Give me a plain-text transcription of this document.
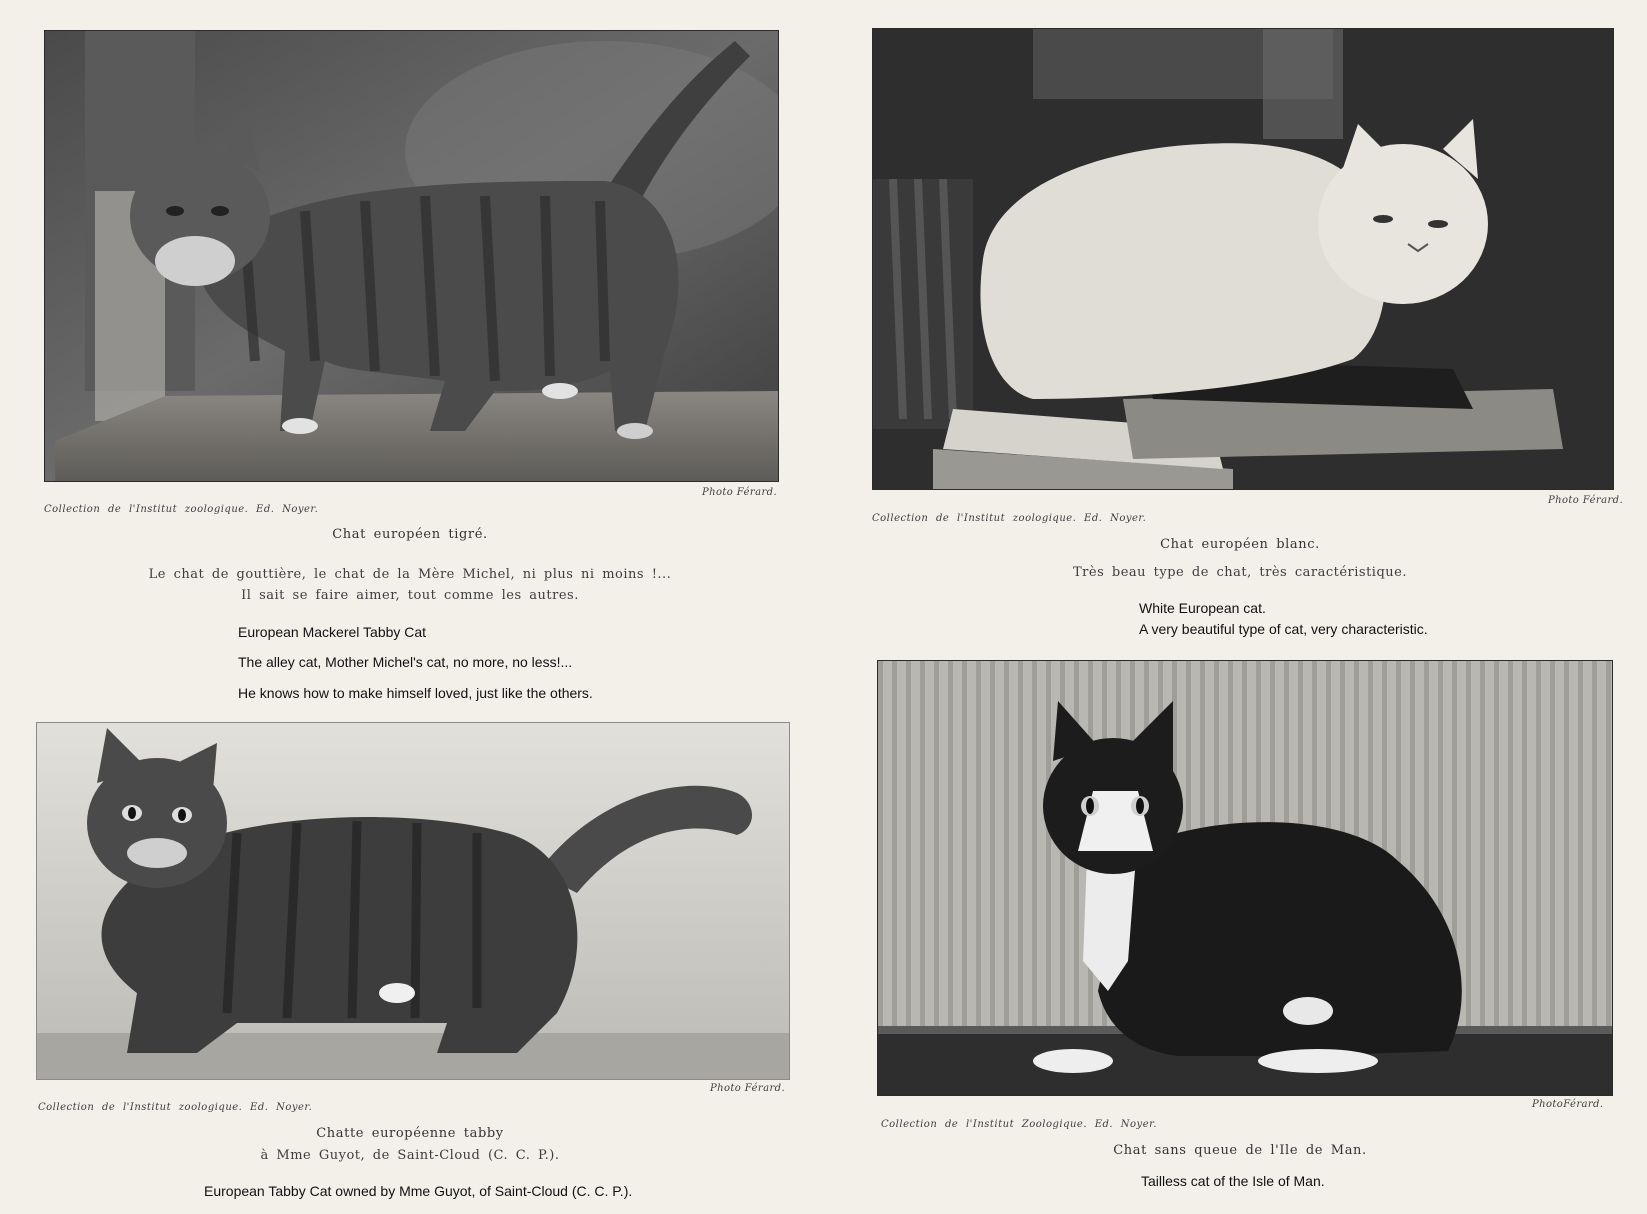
Collection de l'Institut zoologique. Ed. Noyer.
Photo Férard.
Chat européen tigré.
Le chat de gouttière, le chat de la Mère Michel, ni plus ni moins !...
Il sait se faire aimer, tout comme les autres.
European Mackerel Tabby Cat
The alley cat, Mother Michel's cat, no more, no less!...
He knows how to make himself loved, just like the others.
Collection de l'Institut zoologique. Ed. Noyer.
Photo Férard.
Chat européen blanc.
Très beau type de chat, très caractéristique.
White European cat.
A very beautiful type of cat, very characteristic.
Collection de l'Institut zoologique. Ed. Noyer.
Photo Férard.
Chatte européenne tabby
à Mme Guyot, de Saint-Cloud (C. C. P.).
European Tabby Cat owned by Mme Guyot, of Saint-Cloud (C. C. P.).
Collection de l'Institut Zoologique. Ed. Noyer.
PhotoFérard.
Chat sans queue de l'Ile de Man.
Tailless cat of the Isle of Man.
